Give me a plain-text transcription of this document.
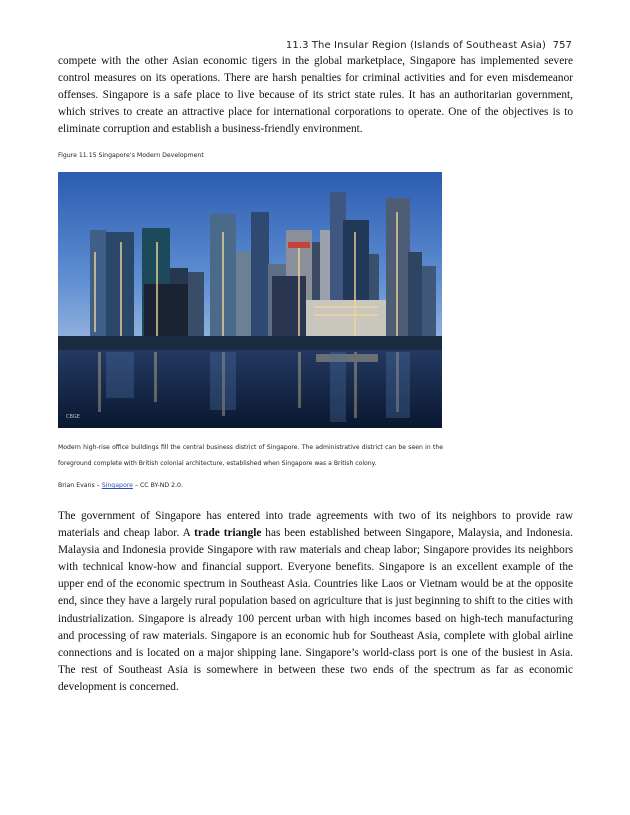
11.3 The Insular Region (Islands of Southeast Asia) 757

compete with the other Asian economic tigers in the global marketplace, Singapore has implemented severe control measures on its operations. There are harsh penalties for criminal activities and for even misdemeanor offenses. Singapore is a safe place to live because of its strict state rules. It has an authoritarian government, which strives to create an attractive place for international corporations to operate. One of the objectives is to eliminate corruption and establish a business-friendly environment.

Figure 11.15 Singapore’s Modern Development
CBGE

Modern high-rise office buildings fill the central business district of Singapore. The administrative district can be seen in the foreground complete with British colonial architecture, established when Singapore was a British colony.

Brian Evans – Singapore – CC BY-ND 2.0.

The government of Singapore has entered into trade agreements with two of its neighbors to provide raw materials and cheap labor. A trade triangle has been established between Singapore, Malaysia, and Indonesia. Malaysia and Indonesia provide Singapore with raw materials and cheap labor; Singapore provides its neighbors with technical know-how and financial support. Everyone benefits. Singapore is an excellent example of the upper end of the economic spectrum in Southeast Asia. Countries like Laos or Vietnam would be at the opposite end, since they have a largely rural population based on agriculture that is just beginning to shift to the cities with industrialization. Singapore is already 100 percent urban with high incomes based on high-tech manufacturing and processing of raw materials. Singapore is an economic hub for Southeast Asia, complete with global airline connections and is located on a major shipping lane. Singapore’s world-class port is one of the busiest in Asia. The rest of Southeast Asia is somewhere in between these two ends of the spectrum as far as economic development is concerned.
